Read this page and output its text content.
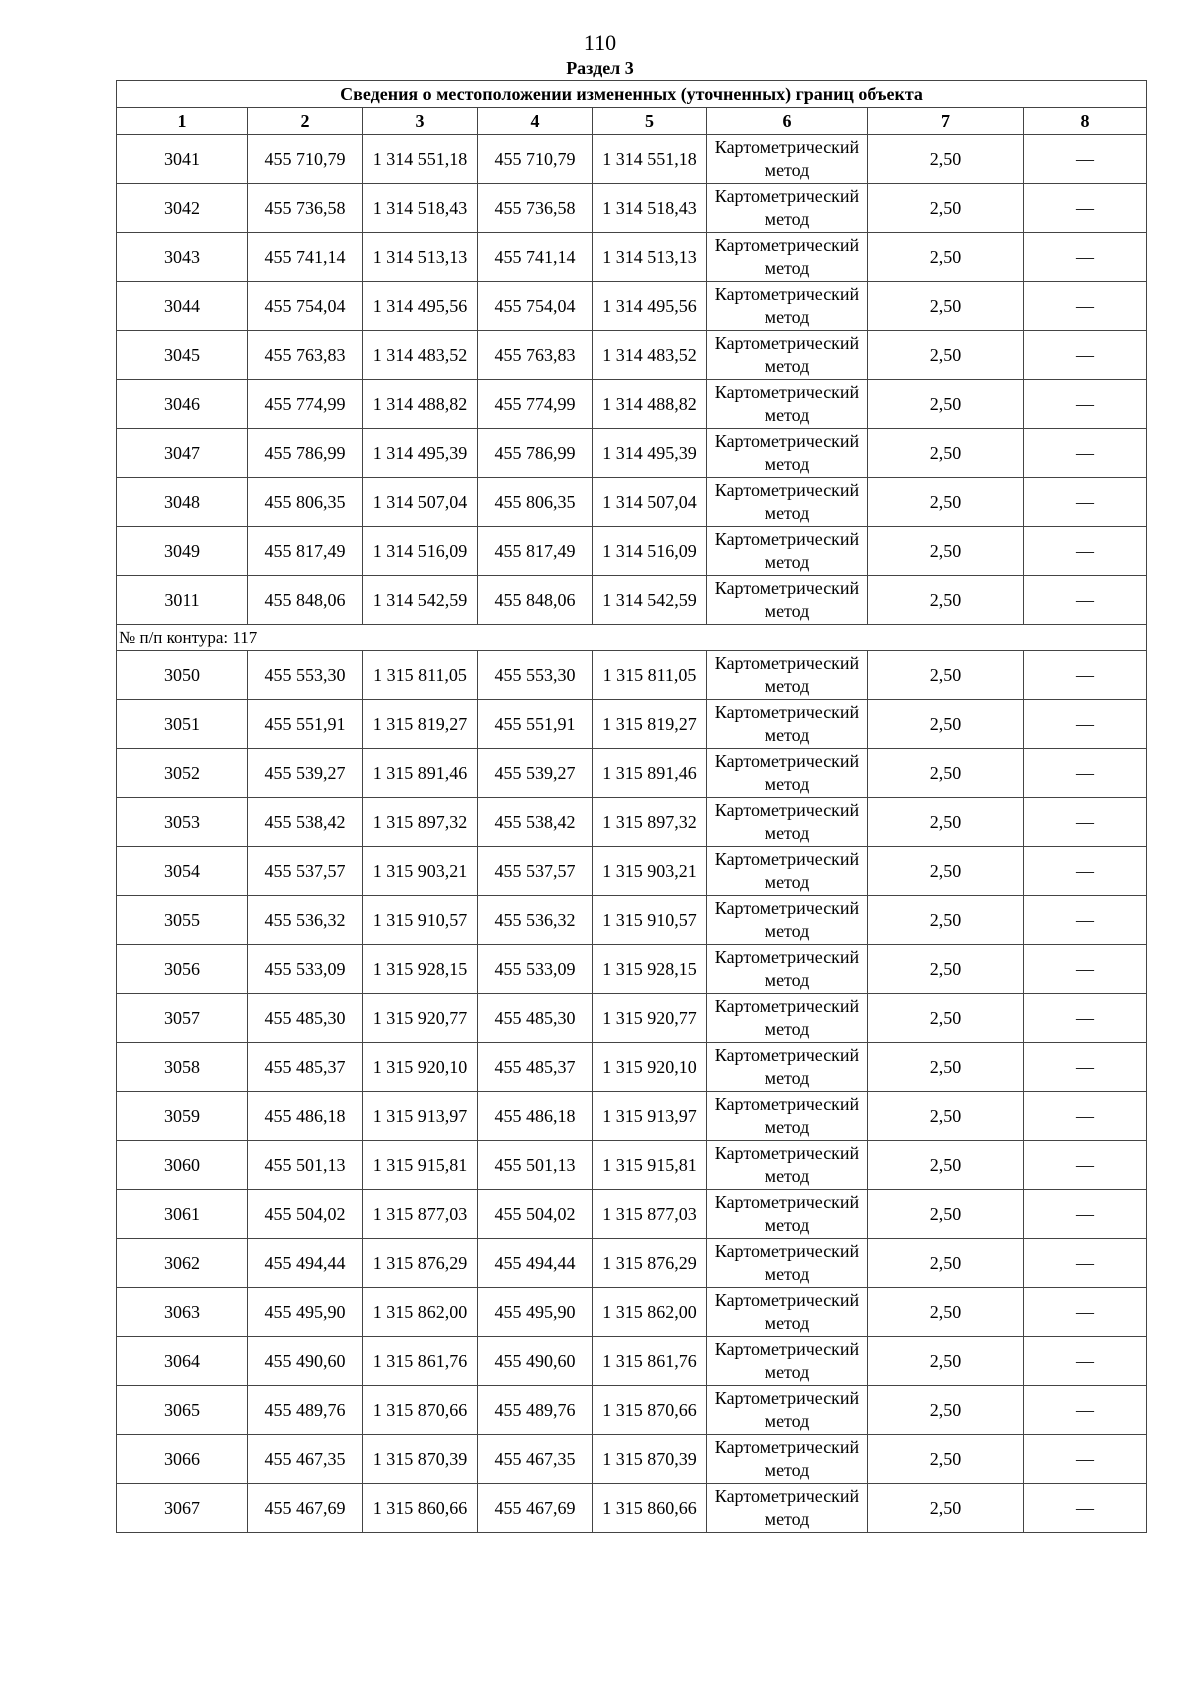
110
Раздел 3
Сведения о местоположении измененных (уточненных) границ объекта							
1	2	3	4	5	6	7	8
3041	455 710,79	1 314 551,18	455 710,79	1 314 551,18	Картометрический метод	2,50	—
3042	455 736,58	1 314 518,43	455 736,58	1 314 518,43	Картометрический метод	2,50	—
3043	455 741,14	1 314 513,13	455 741,14	1 314 513,13	Картометрический метод	2,50	—
3044	455 754,04	1 314 495,56	455 754,04	1 314 495,56	Картометрический метод	2,50	—
3045	455 763,83	1 314 483,52	455 763,83	1 314 483,52	Картометрический метод	2,50	—
3046	455 774,99	1 314 488,82	455 774,99	1 314 488,82	Картометрический метод	2,50	—
3047	455 786,99	1 314 495,39	455 786,99	1 314 495,39	Картометрический метод	2,50	—
3048	455 806,35	1 314 507,04	455 806,35	1 314 507,04	Картометрический метод	2,50	—
3049	455 817,49	1 314 516,09	455 817,49	1 314 516,09	Картометрический метод	2,50	—
3011	455 848,06	1 314 542,59	455 848,06	1 314 542,59	Картометрический метод	2,50	—
№ п/п контура: 117							
3050	455 553,30	1 315 811,05	455 553,30	1 315 811,05	Картометрический метод	2,50	—
3051	455 551,91	1 315 819,27	455 551,91	1 315 819,27	Картометрический метод	2,50	—
3052	455 539,27	1 315 891,46	455 539,27	1 315 891,46	Картометрический метод	2,50	—
3053	455 538,42	1 315 897,32	455 538,42	1 315 897,32	Картометрический метод	2,50	—
3054	455 537,57	1 315 903,21	455 537,57	1 315 903,21	Картометрический метод	2,50	—
3055	455 536,32	1 315 910,57	455 536,32	1 315 910,57	Картометрический метод	2,50	—
3056	455 533,09	1 315 928,15	455 533,09	1 315 928,15	Картометрический метод	2,50	—
3057	455 485,30	1 315 920,77	455 485,30	1 315 920,77	Картометрический метод	2,50	—
3058	455 485,37	1 315 920,10	455 485,37	1 315 920,10	Картометрический метод	2,50	—
3059	455 486,18	1 315 913,97	455 486,18	1 315 913,97	Картометрический метод	2,50	—
3060	455 501,13	1 315 915,81	455 501,13	1 315 915,81	Картометрический метод	2,50	—
3061	455 504,02	1 315 877,03	455 504,02	1 315 877,03	Картометрический метод	2,50	—
3062	455 494,44	1 315 876,29	455 494,44	1 315 876,29	Картометрический метод	2,50	—
3063	455 495,90	1 315 862,00	455 495,90	1 315 862,00	Картометрический метод	2,50	—
3064	455 490,60	1 315 861,76	455 490,60	1 315 861,76	Картометрический метод	2,50	—
3065	455 489,76	1 315 870,66	455 489,76	1 315 870,66	Картометрический метод	2,50	—
3066	455 467,35	1 315 870,39	455 467,35	1 315 870,39	Картометрический метод	2,50	—
3067	455 467,69	1 315 860,66	455 467,69	1 315 860,66	Картометрический метод	2,50	—
